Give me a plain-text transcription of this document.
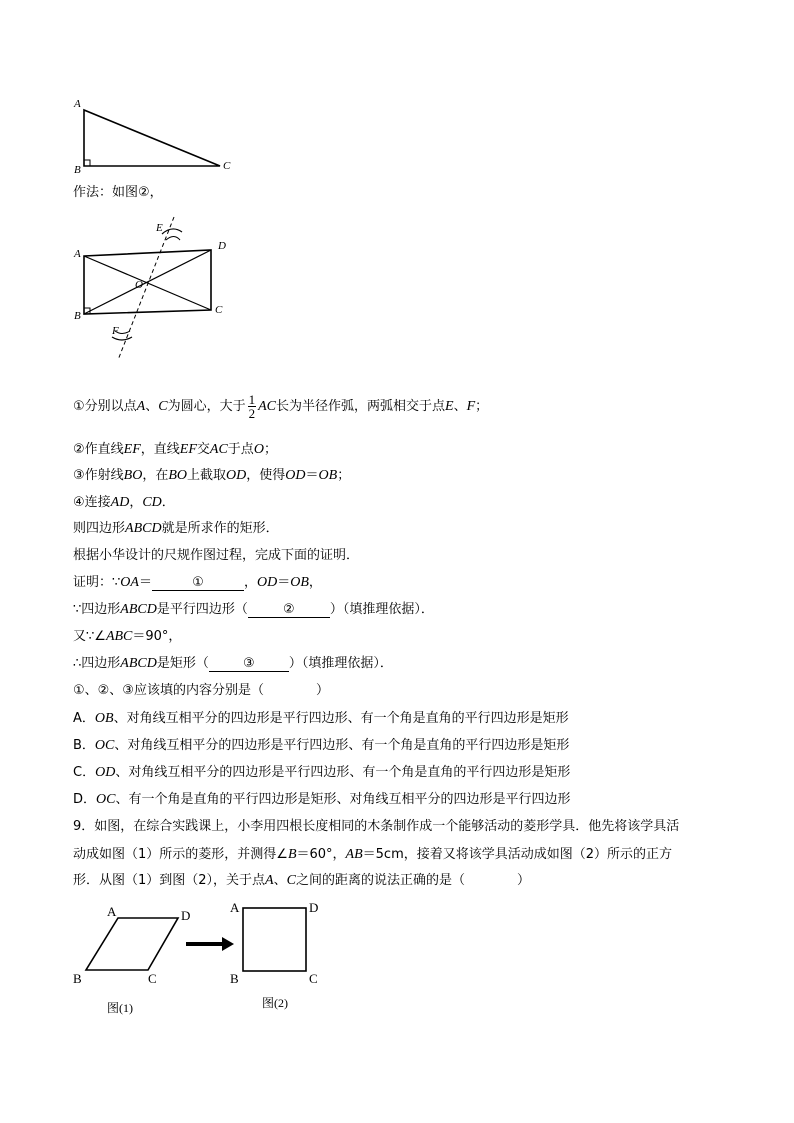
A
B	C
作法：如图②，
A
B	C
D
E
F
O
①分别以点A、C为圆心，大于 $\frac{1}{2}$ AC长为半径作弧，两弧相交于点E、F；
②作直线EF，直线EF交AC于点O；
③作射线BO，在BO上截取OD，使得OD＝OB；
④连接AD，CD．
则四边形ABCD就是所求作的矩形．
根据小华设计的尺规作图过程，完成下面的证明．
证明：∵OA＝	①	，OD＝OB，
∵四边形ABCD是平行四边形（	②	）（填推理依据）．
又∵∠ABC＝90°，
∴四边形ABCD是矩形（	③	）（填推理依据）．
①、②、③应该填的内容分别是（　　　　）
A．OB、对角线互相平分的四边形是平行四边形、有一个角是直角的平行四边形是矩形
B．OC、对角线互相平分的四边形是平行四边形、有一个角是直角的平行四边形是矩形
C．OD、对角线互相平分的四边形是平行四边形、有一个角是直角的平行四边形是矩形
D．OC、有一个角是直角的平行四边形是矩形、对角线互相平分的四边形是平行四边形
9．如图，在综合实践课上，小李用四根长度相同的木条制作成一个能够活动的菱形学具．他先将该学具活
动成如图（1）所示的菱形，并测得∠B＝60°，AB＝5cm，接着又将该学具活动成如图（2）所示的正方
形．从图（1）到图（2），关于点A、C之间的距离的说法正确的是（　　　　）
A	D
B	C
A	D
B	C
图(1)	图(2)
